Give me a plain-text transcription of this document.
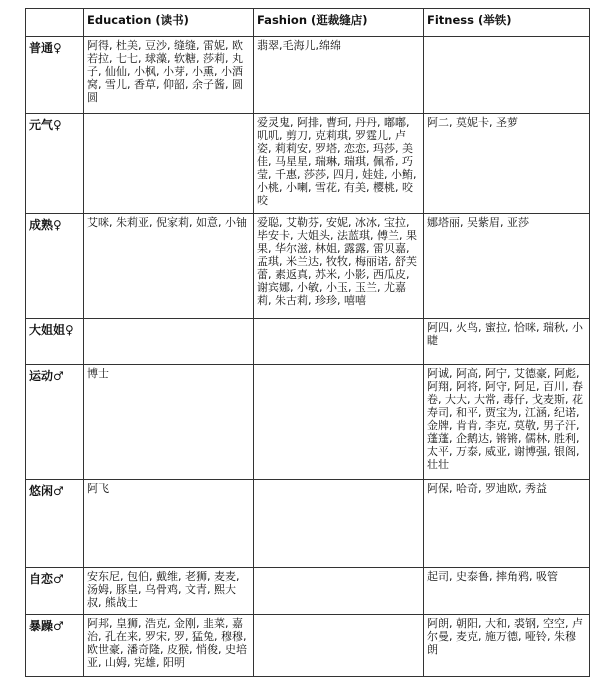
	Education (读书)	Fashion (逛裁缝店)	Fitness (举铁)
普通♀	阿得, 杜美, 豆沙, 缝缝, 雷妮, 欧若拉, 七七, 球藻, 软糖, 莎莉, 丸子, 仙仙, 小枫, 小芽, 小熏, 小酒窝, 雪儿, 香草, 仰韶, 余子酱, 圆圆	翡翠,毛海儿,绵绵	
元气♀		爱灵鬼, 阿排, 曹珂, 丹丹, 嘟嘟, 叽叽, 剪刀, 克莉琪, 罗霆儿, 卢姿, 莉莉安, 罗塔, 恋恋, 玛莎, 美佳, 马星星, 瑞琳, 瑞琪, 佩希, 巧莹, 千惠, 莎莎, 四月, 娃娃, 小鲔, 小桃, 小喇, 雪花, 有美, 樱桃, 咬咬	阿二, 莫妮卡, 圣萝
成熟♀	艾咪, 朱莉亚, 倪家莉, 如意, 小铀	爱聪, 艾勒芬, 安妮, 冰冰, 宝拉, 毕安卡, 大姐头, 法蓝琪, 傅兰, 果果, 华尔滋, 林姐, 露露, 雷贝嘉, 孟琪, 米兰达, 牧牧, 梅丽诺, 舒芙蕾, 素返真, 苏米, 小影, 西瓜皮, 谢宾娜, 小敏, 小玉, 玉兰, 尤嘉莉, 朱古莉, 珍珍, 嘻嘻	娜塔丽, 吴紫眉, 亚莎
大姐姐♀			阿四, 火鸟, 蜜拉, 恰咪, 瑞秋, 小睫
运动♂	博士		阿诚, 阿高, 阿宁, 艾德豪, 阿彪, 阿翔, 阿将, 阿守, 阿足, 百川, 春卷, 大大, 大常, 毒仔, 戈麦斯, 花寿司, 和平, 贾宝为, 江涵, 纪诺, 金牌, 肯肯, 李克, 莫敬, 男子汗, 蓬蓬, 企鹅达, 锵锵, 儒林, 胜利, 太平, 万泰, 威亚, 谢博强, 银阁, 壮壮
悠闲♂	阿飞		阿保, 哈奇, 罗迪欧, 秀益
自恋♂	安东尼, 包伯, 戴维, 老狮, 麦麦, 汤姆, 豚皇, 乌骨鸡, 文青, 熙大叔, 熊战士		起司, 史泰鲁, 摔角鸦, 吸管
暴躁♂	阿邦, 皇狮, 浩克, 金刚, 韭菜, 嘉治, 孔在来, 罗宋, 罗, 猛兔, 穆穆, 欧世豪, 潘奇隆, 皮猴, 悄俊, 史培亚, 山姆, 宪雄, 阳明		阿朗, 朝阳, 大和, 裘钢, 空空, 卢尔曼, 麦克, 施万德, 哑铃, 朱穆朗
